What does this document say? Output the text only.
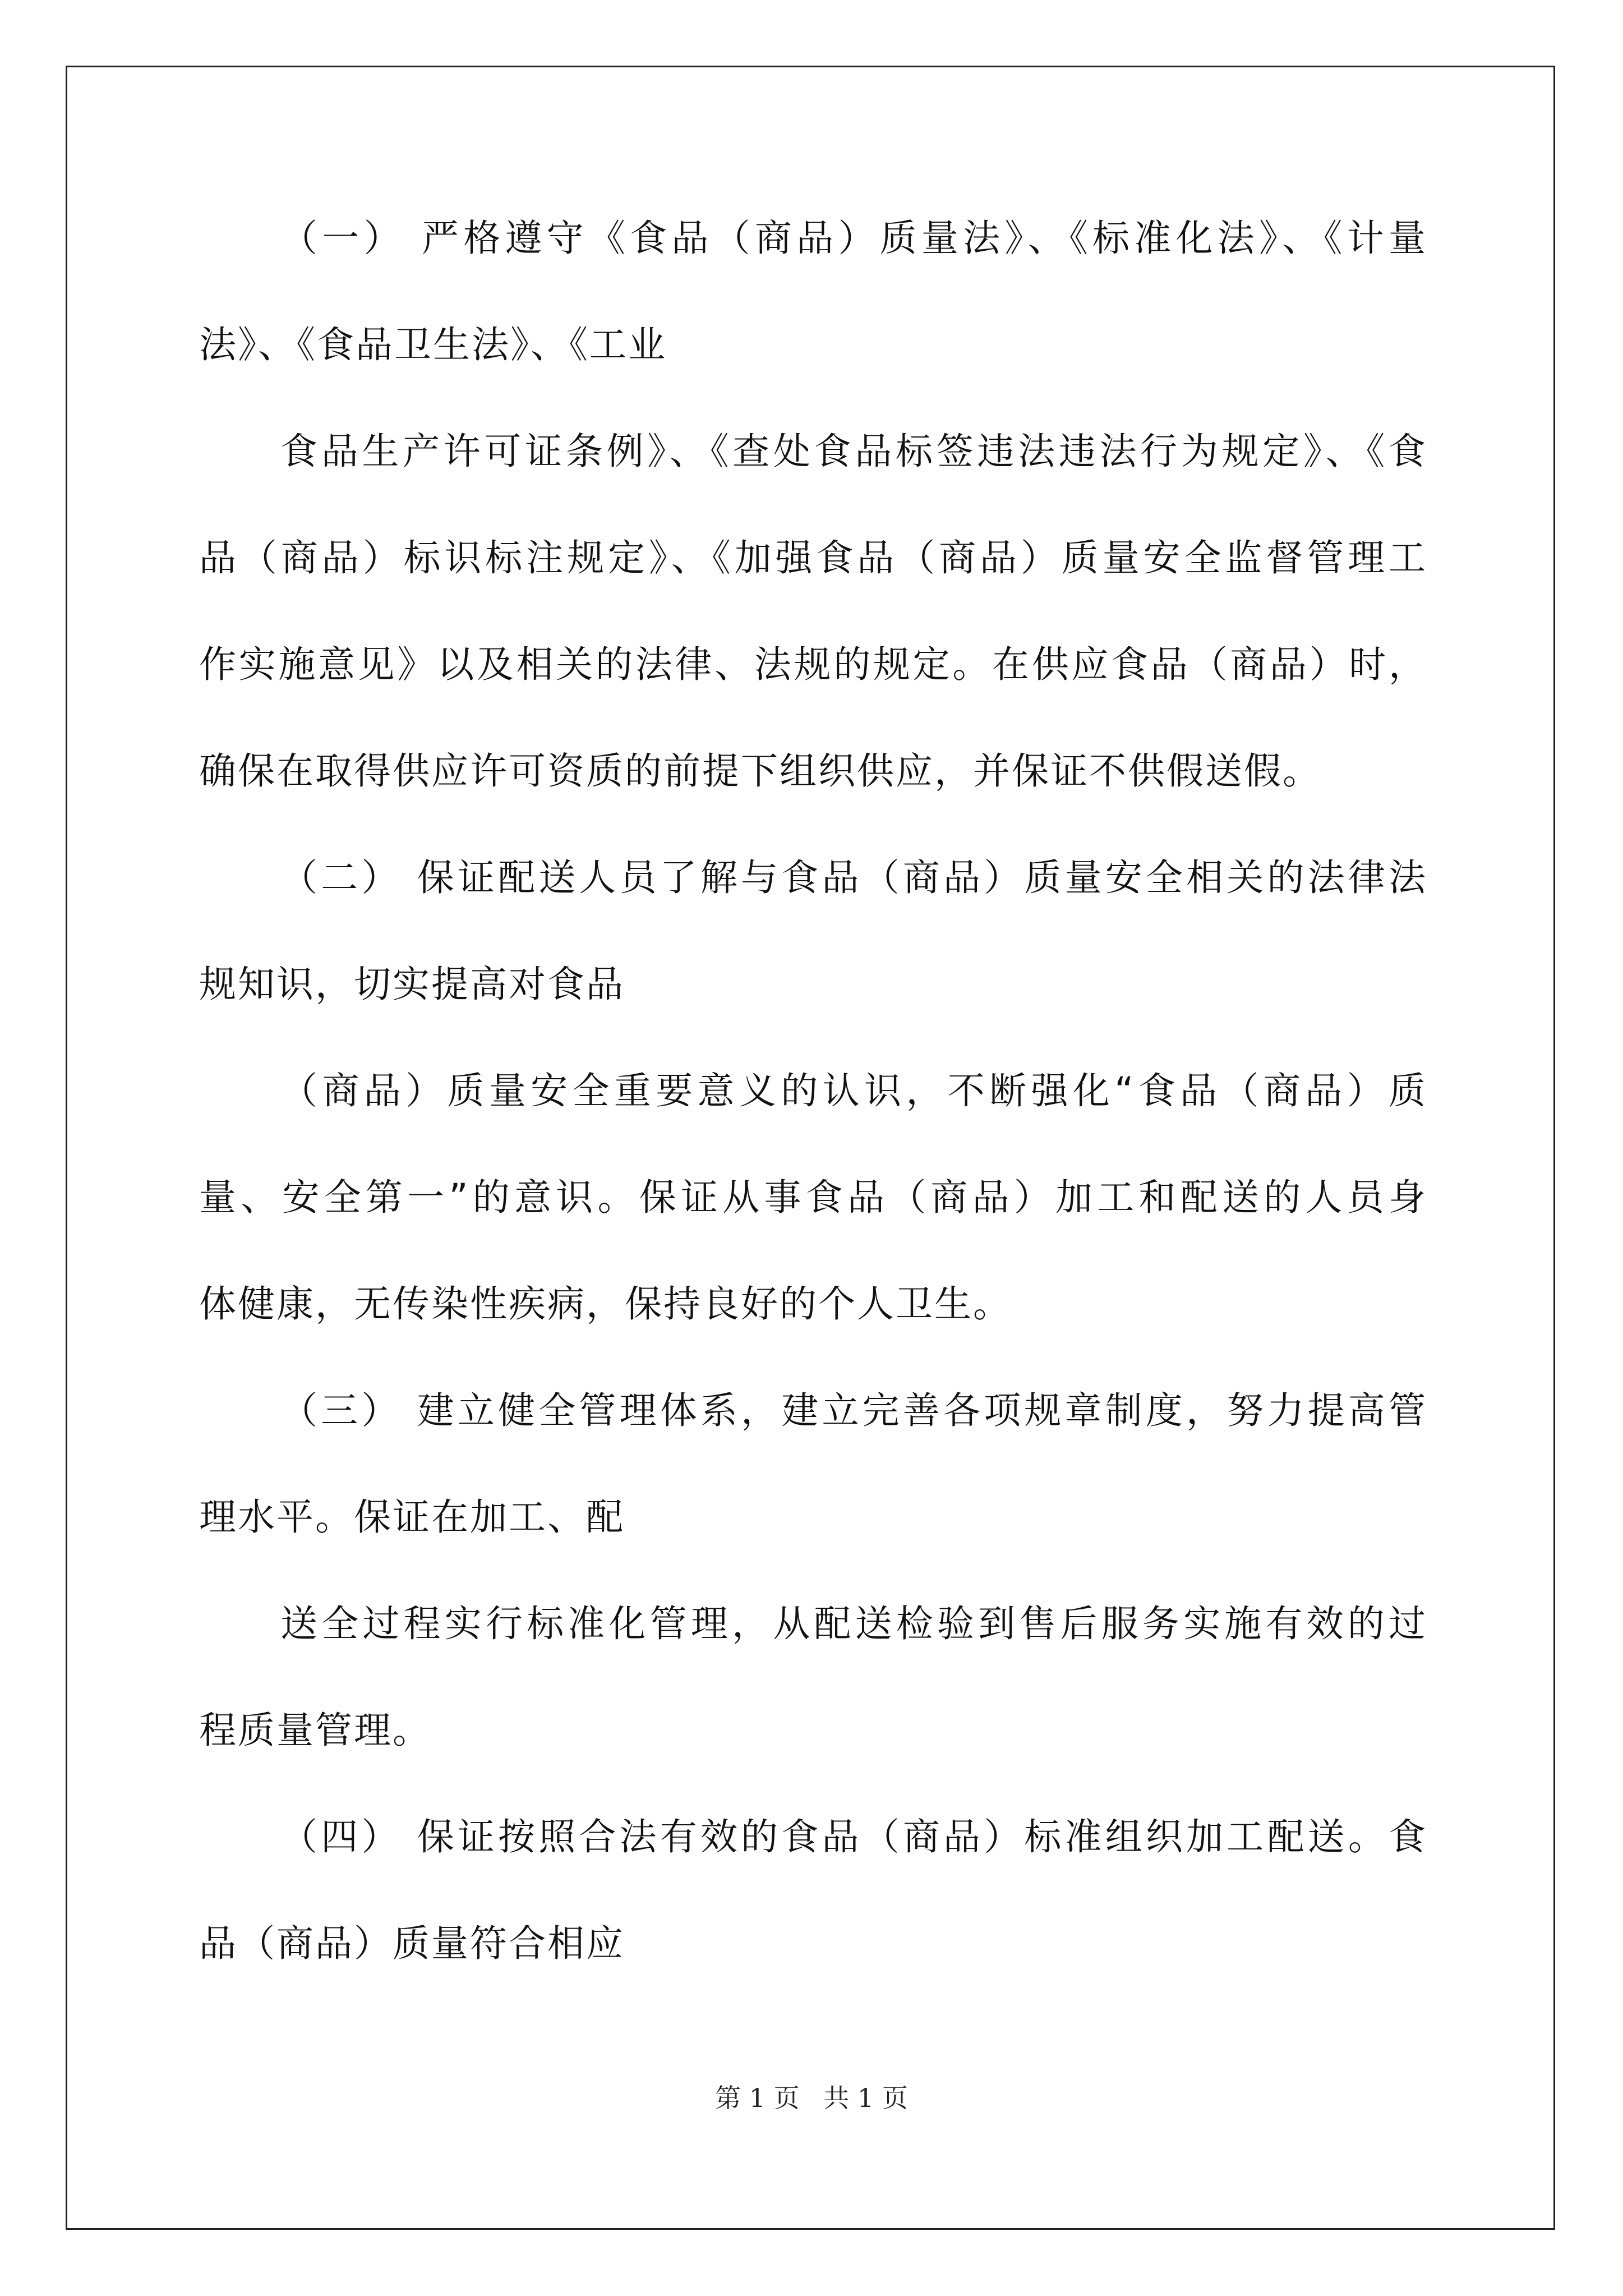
（一） 严格遵守《食品（商品）质量法》、《标准化法》、《计量
法》、《食品卫生法》、《工业
食品生产许可证条例》、《查处食品标签违法违法行为规定》、《食
品（商品）标识标注规定》、《加强食品（商品）质量安全监督管理工
作实施意见》以及相关的法律、法规的规定。在供应食品（商品）时，
确保在取得供应许可资质的前提下组织供应，并保证不供假送假。
（二） 保证配送人员了解与食品（商品）质量安全相关的法律法
规知识，切实提高对食品
（商品）质量安全重要意义的认识，不断强化“食品（商品）质
量、安全第一”的意识。保证从事食品（商品）加工和配送的人员身
体健康，无传染性疾病，保持良好的个人卫生。
（三） 建立健全管理体系，建立完善各项规章制度，努力提高管
理水平。保证在加工、配
送全过程实行标准化管理，从配送检验到售后服务实施有效的过
程质量管理。
（四） 保证按照合法有效的食品（商品）标准组织加工配送。食
品（商品）质量符合相应
第 1 页 共 1 页
